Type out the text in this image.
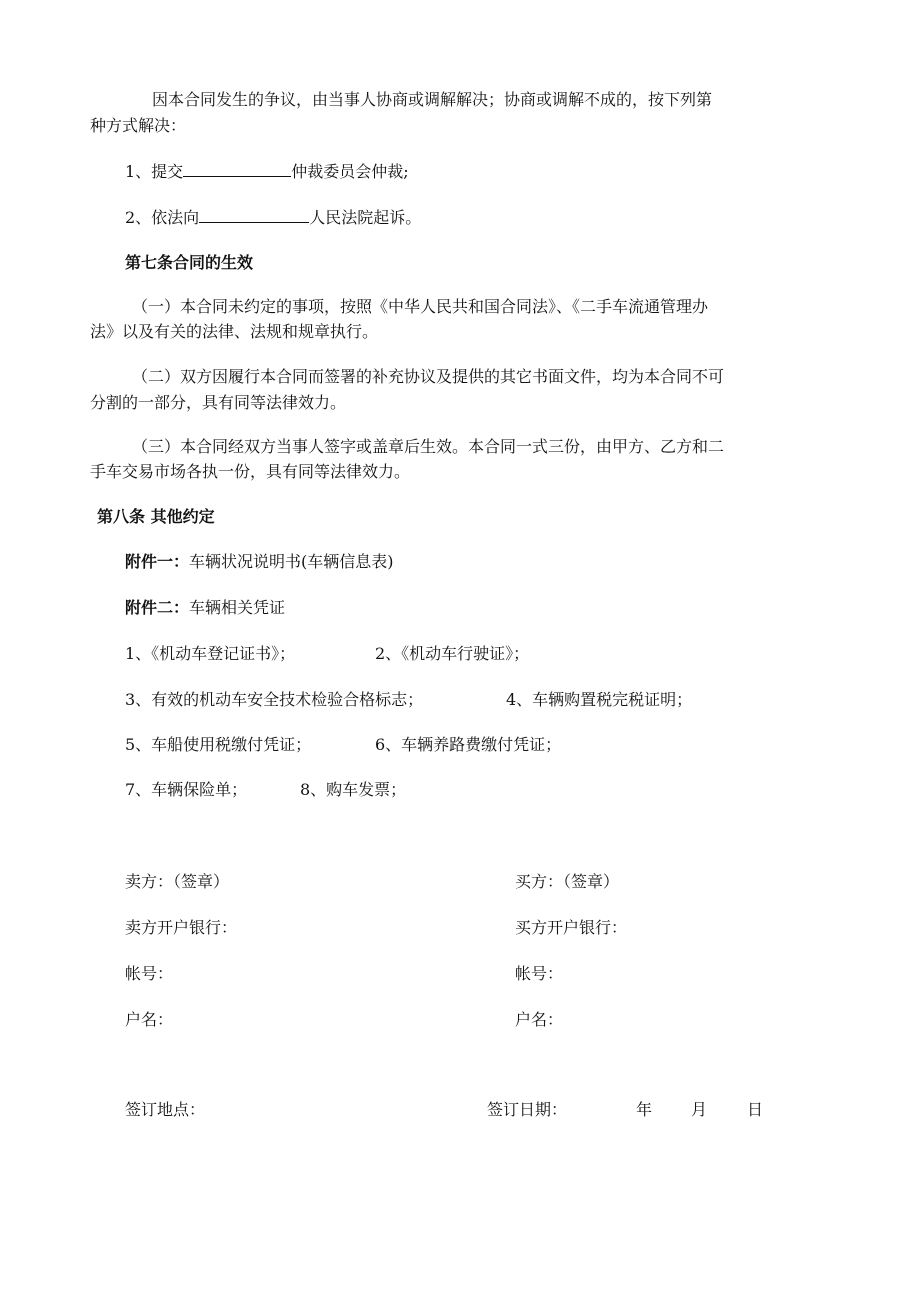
因本合同发生的争议，由当事人协商或调解解决；协商或调解不成的，按下列第
种方式解决：
1、提交	仲裁委员会仲裁;
2、依法向	人民法院起诉。
第七条合同的生效
（一）本合同未约定的事项，按照《中华人民共和国合同法》、《二手车流通管理办
法》以及有关的法律、法规和规章执行。
（二）双方因履行本合同而签署的补充协议及提供的其它书面文件，均为本合同不可
分割的一部分，具有同等法律效力。
（三）本合同经双方当事人签字或盖章后生效。本合同一式三份，由甲方、乙方和二
手车交易市场各执一份，具有同等法律效力。
第八条 其他约定
附件一：车辆状况说明书(车辆信息表)
附件二：车辆相关凭证
1、《机动车登记证书》；	2、《机动车行驶证》；
3、有效的机动车安全技术检验合格标志；	4、车辆购置税完税证明；
5、车船使用税缴付凭证；	6、车辆养路费缴付凭证；
7、车辆保险单；	8、购车发票；
卖方：（签章）	买方：（签章）
卖方开户银行：	买方开户银行：
帐号：	帐号：
户名：	户名：
签订地点：	签订日期：	年 月 日
